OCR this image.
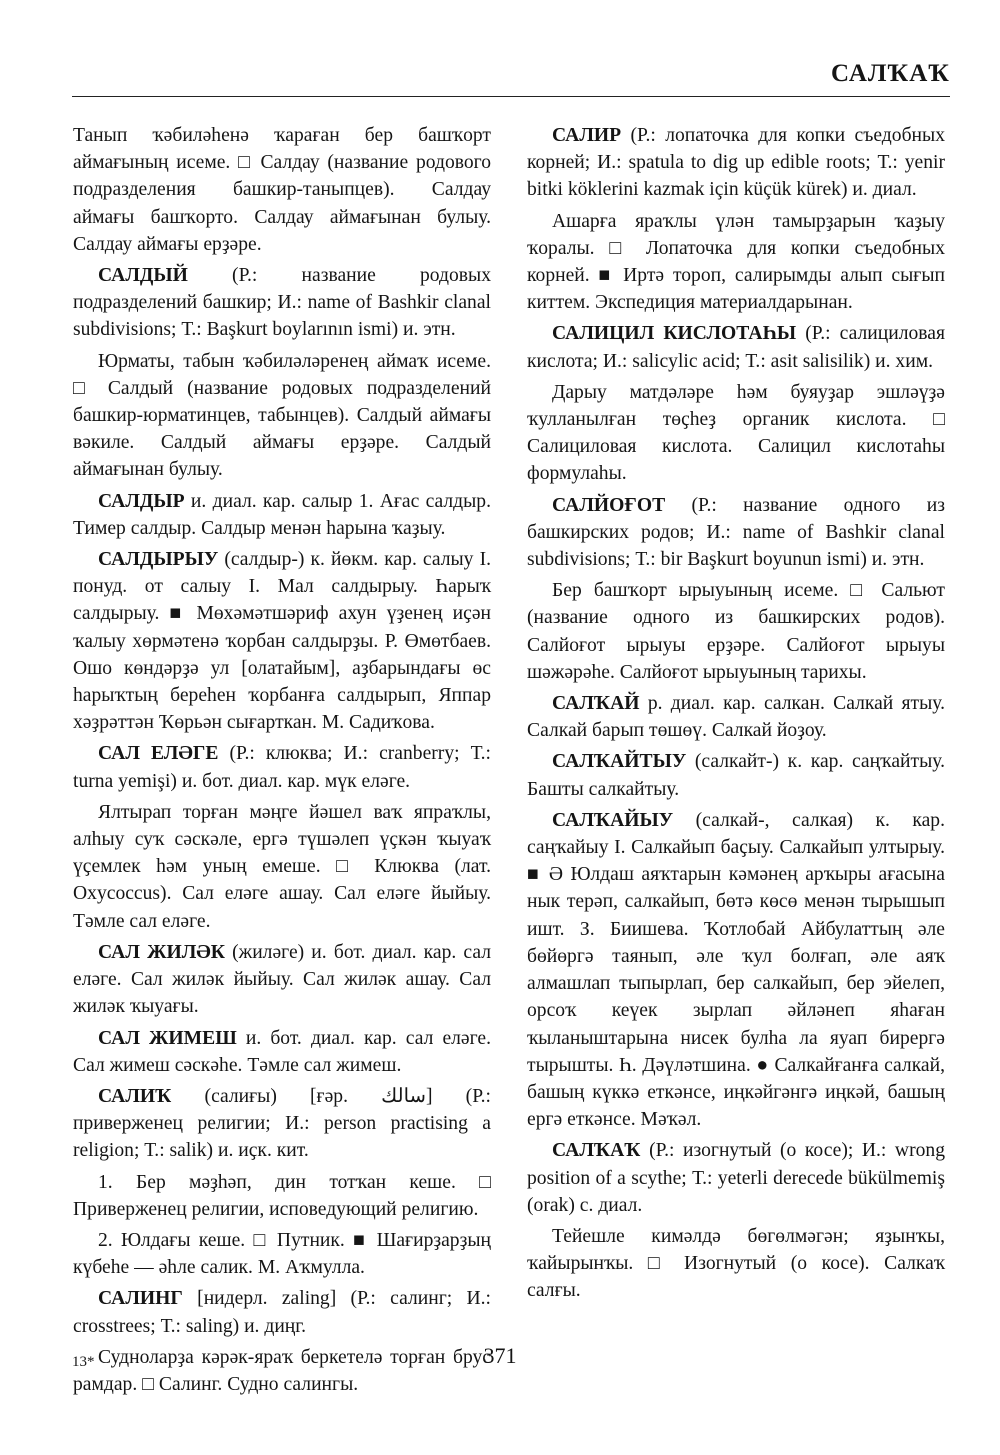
САЛҠАҠ

Танып ҡәбиләһенә ҡараған бер башҡорт аймағының исеме. □ Салдау (название родового подразделения башкир-таныпцев). Салдау аймағы башҡорто. Салдау аймағынан булыу. Салдау аймағы ерҙәре.

САЛДЫЙ (Р.: название родовых подразделений башкир; И.: name of Bashkir clanal subdivisions; Т.: Başkurt boylarının ismi) и. этн.

Юрматы, табын ҡәбиләләренең аймаҡ исеме. □ Салдый (название родовых подразделений башкир-юрматинцев, табынцев). Салдый аймағы вәкиле. Салдый аймағы ерҙәре. Салдый аймағынан булыу.

САЛДЫР и. диал. кар. салыр 1. Ағас салдыр. Тимер салдыр. Салдыр менән һарына ҡаҙыу.

САЛДЫРЫУ (салдыр-) к. йөкм. кар. салыу I. понуд. от салыу I. Мал салдырыу. Һарыҡ салдырыу. ■ Мөхәмәтшәриф ахун үҙенең иҫән ҡалыу хөрмәтенә ҡорбан салдырҙы. Р. Өмөтбаев. Ошо көндәрҙә ул [олатайым], аҙбарындағы өс һарыҡтың береһен ҡорбанға салдырып, Яппар хәҙрәттән Ҡөрьән сығарткан. М. Садиҡова.

САЛ ЕЛӘГЕ (Р.: клюква; И.: cranberry; Т.: turna yemişi) и. бот. диал. кар. мүк еләге.

Ялтырап торған мәңге йәшел ваҡ япраҡлы, алһыу суҡ сәскәле, ергә түшәлеп үҫкән ҡыуаҡ үҫемлек һәм уның емеше. □ Клюква (лат. Oxycoccus). Сал еләге ашау. Сал еләге йыйыу. Тәмле сал еләге.

САЛ ЖИЛӘК (жиләге) и. бот. диал. кар. сал еләге. Сал жиләк йыйыу. Сал жиләк ашау. Сал жиләк ҡыуағы.

САЛ ЖИМЕШ и. бот. диал. кар. сал еләге. Сал жимеш сәскәһе. Тәмле сал жимеш.

САЛИҠ (салиғы) [ғәр. سالك] (Р.: приверженец религии; И.: person practising a religion; Т.: salik) и. иҫк. кит.

1. Бер мәҙһәп, дин тотҡан кеше. □ Приверженец религии, исповедующий религию.

2. Юлдағы кеше. □ Путник. ■ Шағирҙарҙың күбеһе — әһле салик. М. Аҡмулла.

САЛИНГ [нидерл. zaling] (Р.: салинг; И.: crosstrees; Т.: saling) и. диңг.

Судноларҙа кәрәк-яраҡ беркетелә торған брус рамдар. □ Салинг. Судно салингы.

САЛИР (Р.: лопаточка для копки съедобных корней; И.: spatula to dig up edible roots; Т.: yenir bitki köklerini kazmak için küçük kürek) и. диал.

Ашарға яраҡлы үлән тамырҙарын ҡаҙыу ҡоралы. □ Лопаточка для копки съедобных корней. ■ Иртә тороп, салирымды алып сығып киттем. Экспедиция материалдарынан.

САЛИЦИЛ КИСЛОТАҺЫ (Р.: салициловая кислота; И.: salicylic acid; Т.: asit salisilik) и. хим.

Дарыу матдәләре һәм буяуҙар эшләүҙә ҡулланылған төҫһеҙ органик кислота. □ Салициловая кислота. Салицил кислотаһы формулаһы.

САЛЙОҒОТ (Р.: название одного из башкирских родов; И.: name of Bashkir clanal subdivisions; Т.: bir Başkurt boyunun ismi) и. этн.

Бер башҡорт ырыуының исеме. □ Сальют (название одного из башкирских родов). Салйоғот ырыуы ерҙәре. Салйоғот ырыуы шәжәрәһе. Салйоғот ырыуының тарихы.

САЛҠАЙ р. диал. кар. салкан. Салкай ятыу. Салкай барып төшөү. Салкай йоҙоу.

САЛҠАЙТЫУ (салкайт-) к. кар. саңҡайтыу. Башты салкайтыу.

САЛҠАЙЫУ (салкай-, салкая) к. кар. саңҡайыу I. Салкайып баҫыу. Салкайып ултырыу. ■ Ә Юлдаш аяҡтарын кәмәнең арҡыры ағасына нык терәп, салкайып, бөтә көсө менән тырышып ишт. З. Биишева. Ҡотлобай Айбулаттың әле бөйөргә таянып, әле ҡул болғап, әле аяҡ алмашлап тыпырлап, бер салкайып, бер эйелеп, орсоҡ кеүек зырлап әйләнеп яһаған ҡыланыштарына нисек булһа ла яуап бирергә тырышты. Һ. Дәүләтшина. ● Салкайғанға салкай, башың күккә еткәнсе, иңкәйгәнгә иңкәй, башың ергә еткәнсе. Мәҡәл.

САЛҠАҠ (Р.: изогнутый (о косе); И.: wrong position of a scythe; Т.: yeterli derecede bükülmemiş (orak) с. диал.

Тейешле кимәлдә бөгөлмәгән; яҙынҡы, ҡайырынҡы. □ Изогнутый (о косе). Салкаҡ салғы.

13*	371
